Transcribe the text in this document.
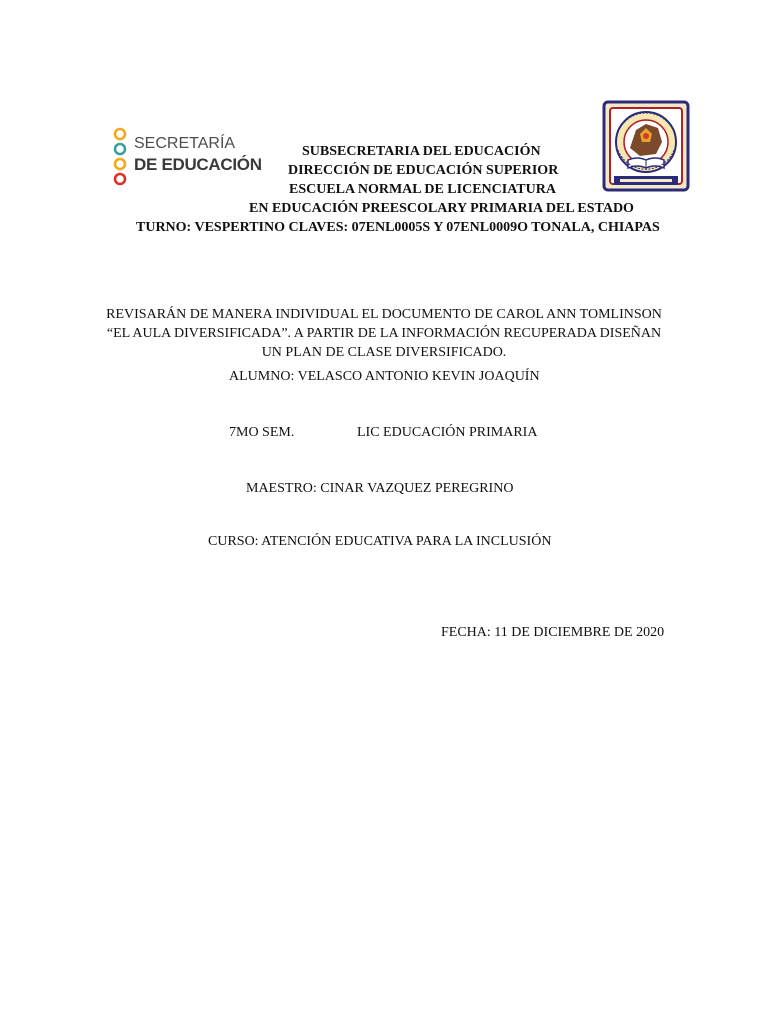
SECRETARÍA
DE EDUCACIÓN
SUBSECRETARIA DEL EDUCACIÓN
DIRECCIÓN DE EDUCACIÓN SUPERIOR
ESCUELA NORMAL DE LICENCIATURA
EN EDUCACIÓN PREESCOLARY PRIMARIA DEL ESTADO
TURNO: VESPERTINO CLAVES: 07ENL0005S Y 07ENL0009O TONALA, CHIAPAS
REVISARÁN DE MANERA INDIVIDUAL EL DOCUMENTO DE CAROL ANN TOMLINSON
“EL AULA DIVERSIFICADA”. A PARTIR DE LA INFORMACIÓN RECUPERADA DISEÑAN
UN PLAN DE CLASE DIVERSIFICADO.
ALUMNO: VELASCO ANTONIO KEVIN JOAQUÍN
7MO SEM.	LIC EDUCACIÓN PRIMARIA
MAESTRO: CINAR VAZQUEZ PEREGRINO
CURSO: ATENCIÓN EDUCATIVA PARA LA INCLUSIÓN
FECHA: 11 DE DICIEMBRE DE 2020
